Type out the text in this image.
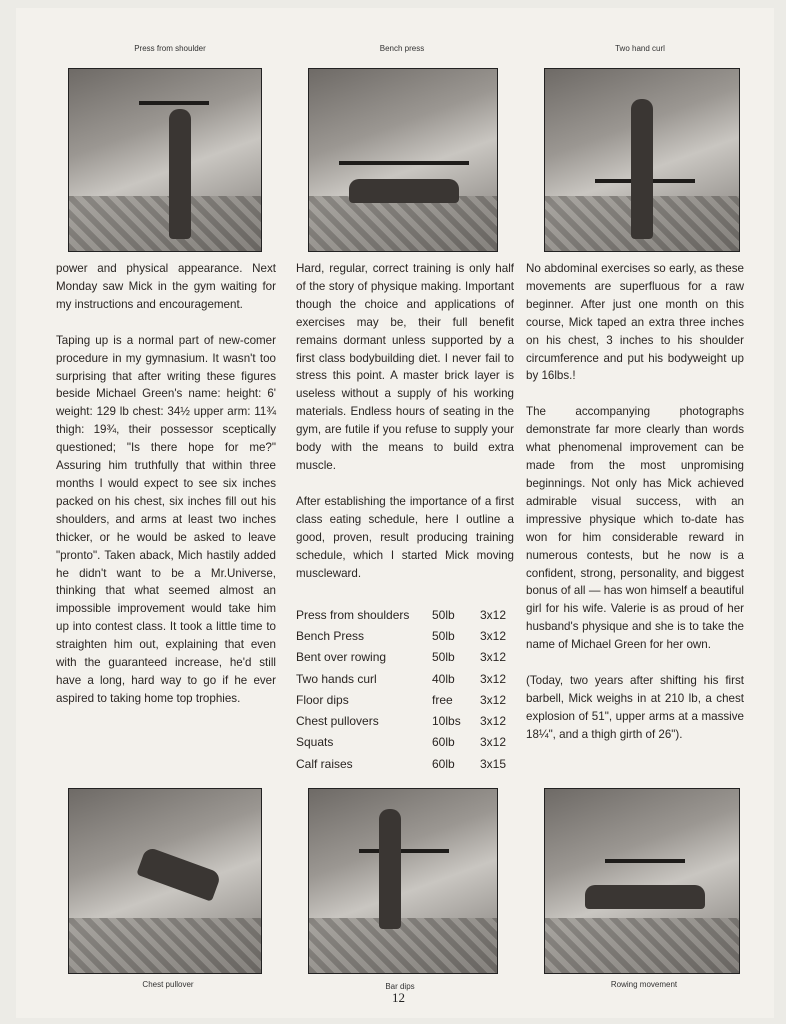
Press from shoulder	Bench press	Two hand curl

power and physical appearance. Next Monday saw Mick in the gym waiting for my instructions and encouragement.

Taping up is a normal part of new-comer procedure in my gymnasium. It wasn't too surprising that after writing these figures beside Michael Green's name: height: 6' weight: 129 lb chest: 34½ upper arm: 11¾ thigh: 19¾, their possessor sceptically questioned; "Is there hope for me?" Assuring him truthfully that within three months I would expect to see six inches packed on his chest, six inches fill out his shoulders, and arms at least two inches thicker, or he would be asked to leave "pronto". Taken aback, Mich hastily added he didn't want to be a Mr.Universe, thinking that what seemed almost an impossible improvement would take him up into contest class. It took a little time to straighten him out, explaining that even with the guaranteed increase, he'd still have a long, hard way to go if he ever aspired to taking home top trophies.

Hard, regular, correct training is only half of the story of physique making. Important though the choice and applications of exercises may be, their full benefit remains dormant unless supported by a first class bodybuilding diet. I never fail to stress this point. A master brick layer is useless without a supply of his working materials. Endless hours of seating in the gym, are futile if you refuse to supply your body with the means to build extra muscle.

After establishing the importance of a first class eating schedule, here I outline a good, proven, result producing training schedule, which I started Mick moving muscleward.

Press from shoulders	50lb	3x12
Bench Press	50lb	3x12
Bent over rowing	50lb	3x12
Two hands curl	40lb	3x12
Floor dips	free	3x12
Chest pullovers	10lbs	3x12
Squats	60lb	3x12
Calf raises	60lb	3x15

No abdominal exercises so early, as these movements are superfluous for a raw beginner. After just one month on this course, Mick taped an extra three inches on his chest, 3 inches to his shoulder circumference and put his bodyweight up by 16lbs.!

The accompanying photographs demonstrate far more clearly than words what phenomenal improvement can be made from the most unpromising beginnings. Not only has Mick achieved admirable visual success, with an impressive physique which to-date has won for him considerable reward in numerous contests, but he now is a confident, strong, personality, and biggest bonus of all — has won himself a beautiful girl for his wife. Valerie is as proud of her husband's physique and she is to take the name of Michael Green for her own.

(Today, two years after shifting his first barbell, Mick weighs in at 210 lb, a chest explosion of 51", upper arms at a massive 18¼", and a thigh girth of 26").

Chest pullover	Bar dips	Rowing movement
12
